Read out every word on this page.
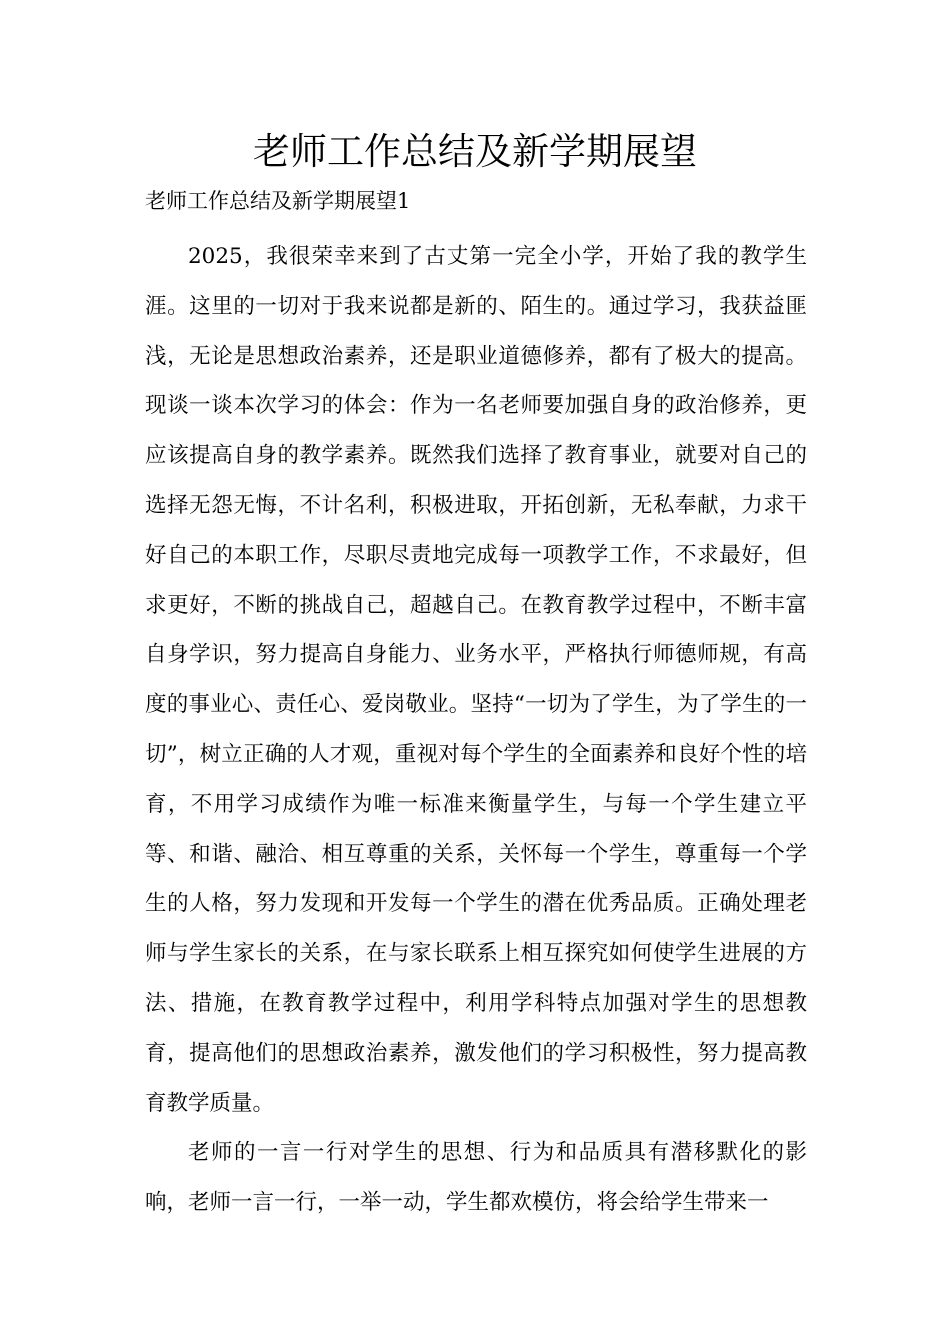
老师工作总结及新学期展望

老师工作总结及新学期展望1

2025，我很荣幸来到了古丈第一完全小学，开始了我的教学生涯。这里的一切对于我来说都是新的、陌生的。通过学习，我获益匪浅，无论是思想政治素养，还是职业道德修养，都有了极大的提高。现谈一谈本次学习的体会：作为一名老师要加强自身的政治修养，更应该提高自身的教学素养。既然我们选择了教育事业，就要对自己的选择无怨无悔，不计名利，积极进取，开拓创新，无私奉献，力求干好自己的本职工作，尽职尽责地完成每一项教学工作，不求最好，但求更好，不断的挑战自己，超越自己。在教育教学过程中，不断丰富自身学识，努力提高自身能力、业务水平，严格执行师德师规，有高度的事业心、责任心、爱岗敬业。坚持“一切为了学生，为了学生的一切”，树立正确的人才观，重视对每个学生的全面素养和良好个性的培育，不用学习成绩作为唯一标准来衡量学生，与每一个学生建立平等、和谐、融洽、相互尊重的关系，关怀每一个学生，尊重每一个学生的人格，努力发现和开发每一个学生的潜在优秀品质。正确处理老师与学生家长的关系，在与家长联系上相互探究如何使学生进展的方法、措施，在教育教学过程中，利用学科特点加强对学生的思想教育，提高他们的思想政治素养，激发他们的学习积极性，努力提高教育教学质量。

老师的一言一行对学生的思想、行为和品质具有潜移默化的影响，老师一言一行，一举一动，学生都欢模仿，将会给学生带来一
